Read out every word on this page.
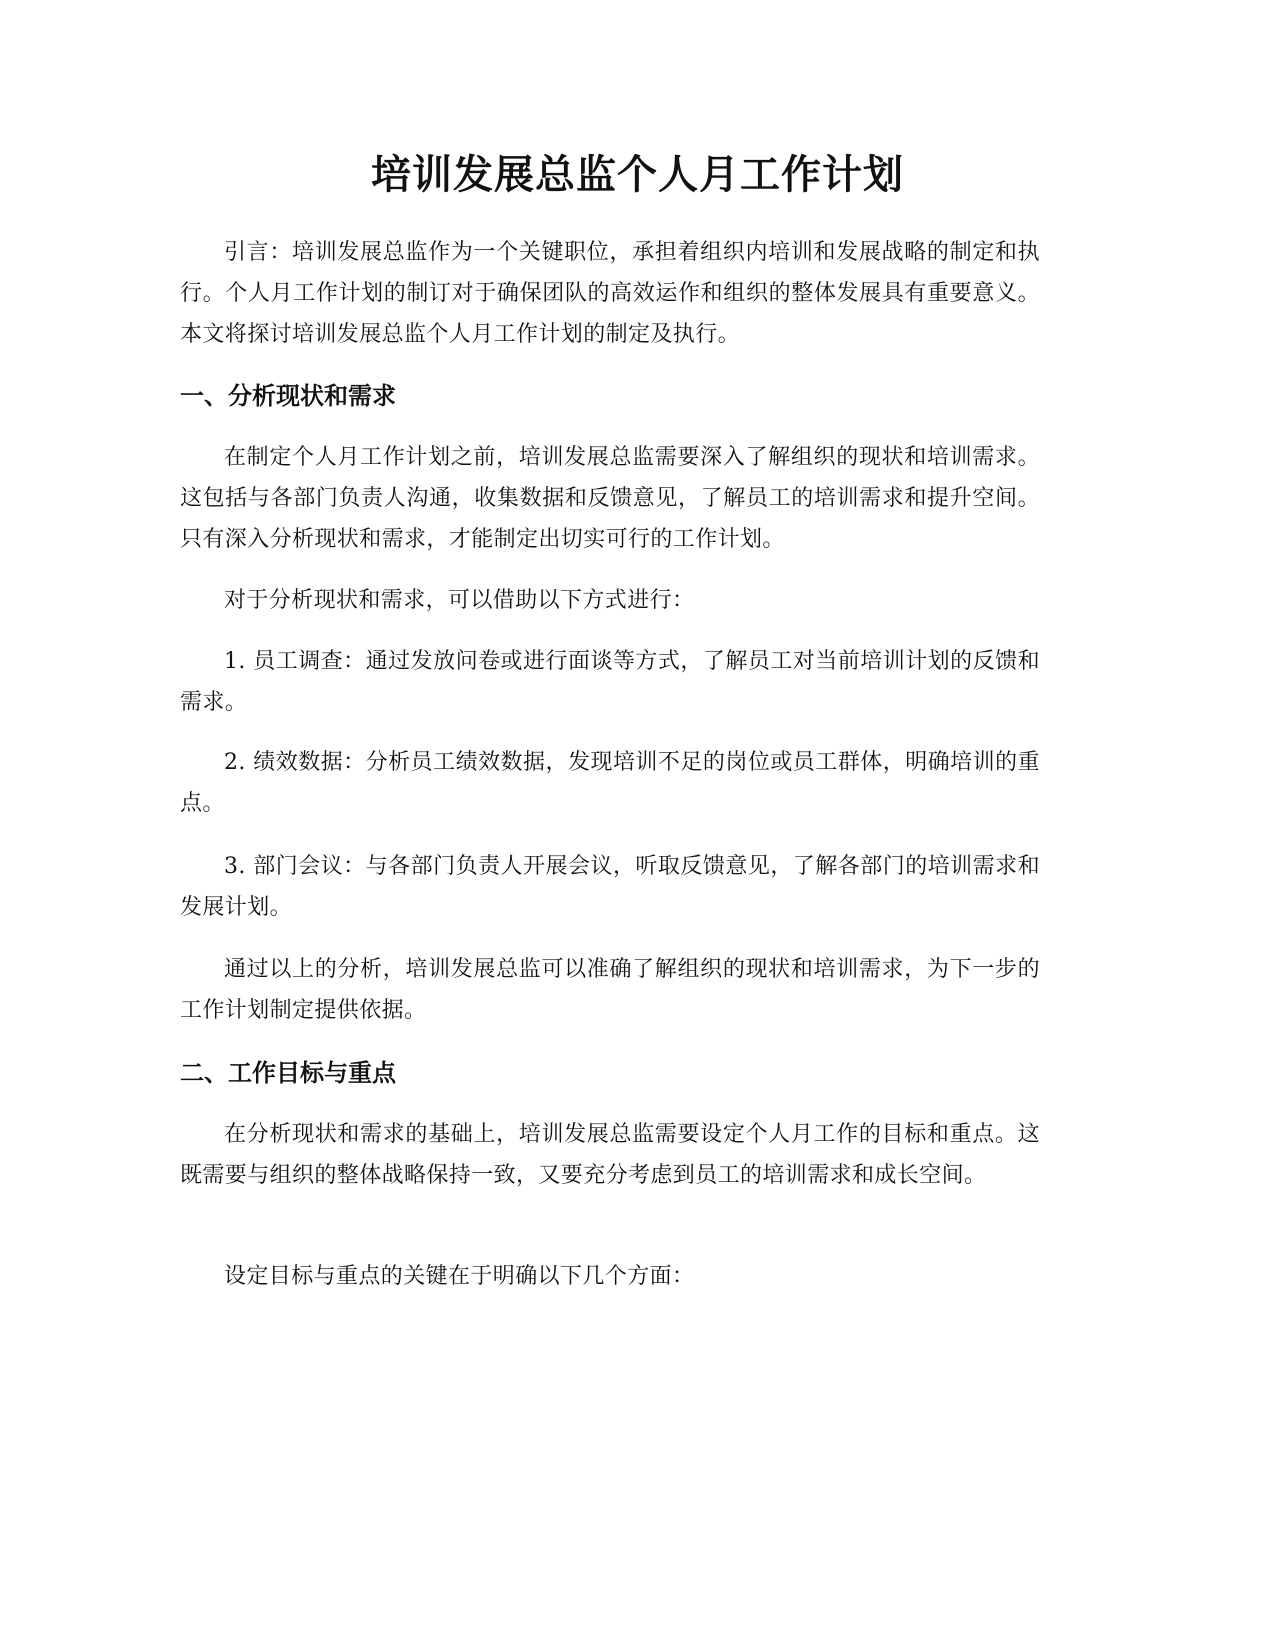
培训发展总监个人月工作计划

引言：培训发展总监作为一个关键职位，承担着组织内培训和发展战略的制定和执行。个人月工作计划的制订对于确保团队的高效运作和组织的整体发展具有重要意义。本文将探讨培训发展总监个人月工作计划的制定及执行。

一、分析现状和需求

在制定个人月工作计划之前，培训发展总监需要深入了解组织的现状和培训需求。这包括与各部门负责人沟通，收集数据和反馈意见，了解员工的培训需求和提升空间。只有深入分析现状和需求，才能制定出切实可行的工作计划。

对于分析现状和需求，可以借助以下方式进行：

1. 员工调查：通过发放问卷或进行面谈等方式，了解员工对当前培训计划的反馈和需求。

2. 绩效数据：分析员工绩效数据，发现培训不足的岗位或员工群体，明确培训的重点。

3. 部门会议：与各部门负责人开展会议，听取反馈意见，了解各部门的培训需求和发展计划。

通过以上的分析，培训发展总监可以准确了解组织的现状和培训需求，为下一步的工作计划制定提供依据。

二、工作目标与重点

在分析现状和需求的基础上，培训发展总监需要设定个人月工作的目标和重点。这既需要与组织的整体战略保持一致，又要充分考虑到员工的培训需求和成长空间。

设定目标与重点的关键在于明确以下几个方面：
